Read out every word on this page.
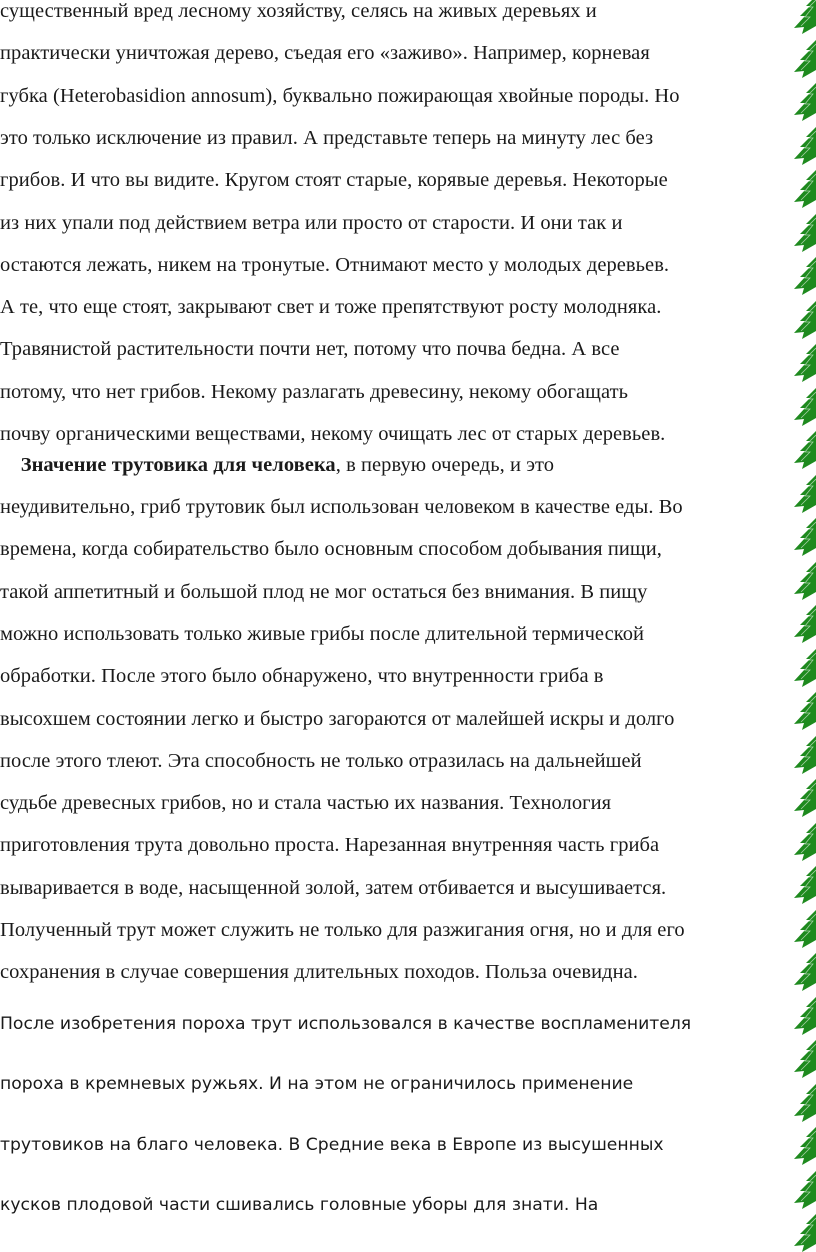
существенный вред лесному хозяйству, селясь на живых деревьях и
практически уничтожая дерево, съедая его «заживо». Например, корневая
губка (Heterobasidion annosum), буквально пожирающая хвойные породы. Но
это только исключение из правил. А представьте теперь на минуту лес без
грибов. И что вы видите. Кругом стоят старые, корявые деревья. Некоторые
из них упали под действием ветра или просто от старости. И они так и
остаются лежать, никем на тронутые. Отнимают место у молодых деревьев.
А те, что еще стоят, закрывают свет и тоже препятствуют росту молодняка.
Травянистой растительности почти нет, потому что почва бедна. А все
потому, что нет грибов. Некому разлагать древесину, некому обогащать
почву органическими веществами, некому очищать лес от старых деревьев.
Значение трутовика для человека, в первую очередь, и это
неудивительно, гриб трутовик был использован человеком в качестве еды. Во
времена, когда собирательство было основным способом добывания пищи,
такой аппетитный и большой плод не мог остаться без внимания. В пищу
можно использовать только живые грибы после длительной термической
обработки. После этого было обнаружено, что внутренности гриба в
высохшем состоянии легко и быстро загораются от малейшей искры и долго
после этого тлеют. Эта способность не только отразилась на дальнейшей
судьбе древесных грибов, но и стала частью их названия. Технология
приготовления трута довольно проста. Нарезанная внутренняя часть гриба
вываривается в воде, насыщенной золой, затем отбивается и высушивается.
Полученный трут может служить не только для разжигания огня, но и для его
сохранения в случае совершения длительных походов. Польза очевидна.
После изобретения пороха трут использовался в качестве воспламенителя
пороха в кремневых ружьях. И на этом не ограничилось применение
трутовиков на благо человека. В Средние века в Европе из высушенных
кусков плодовой части сшивались головные уборы для знати. На
